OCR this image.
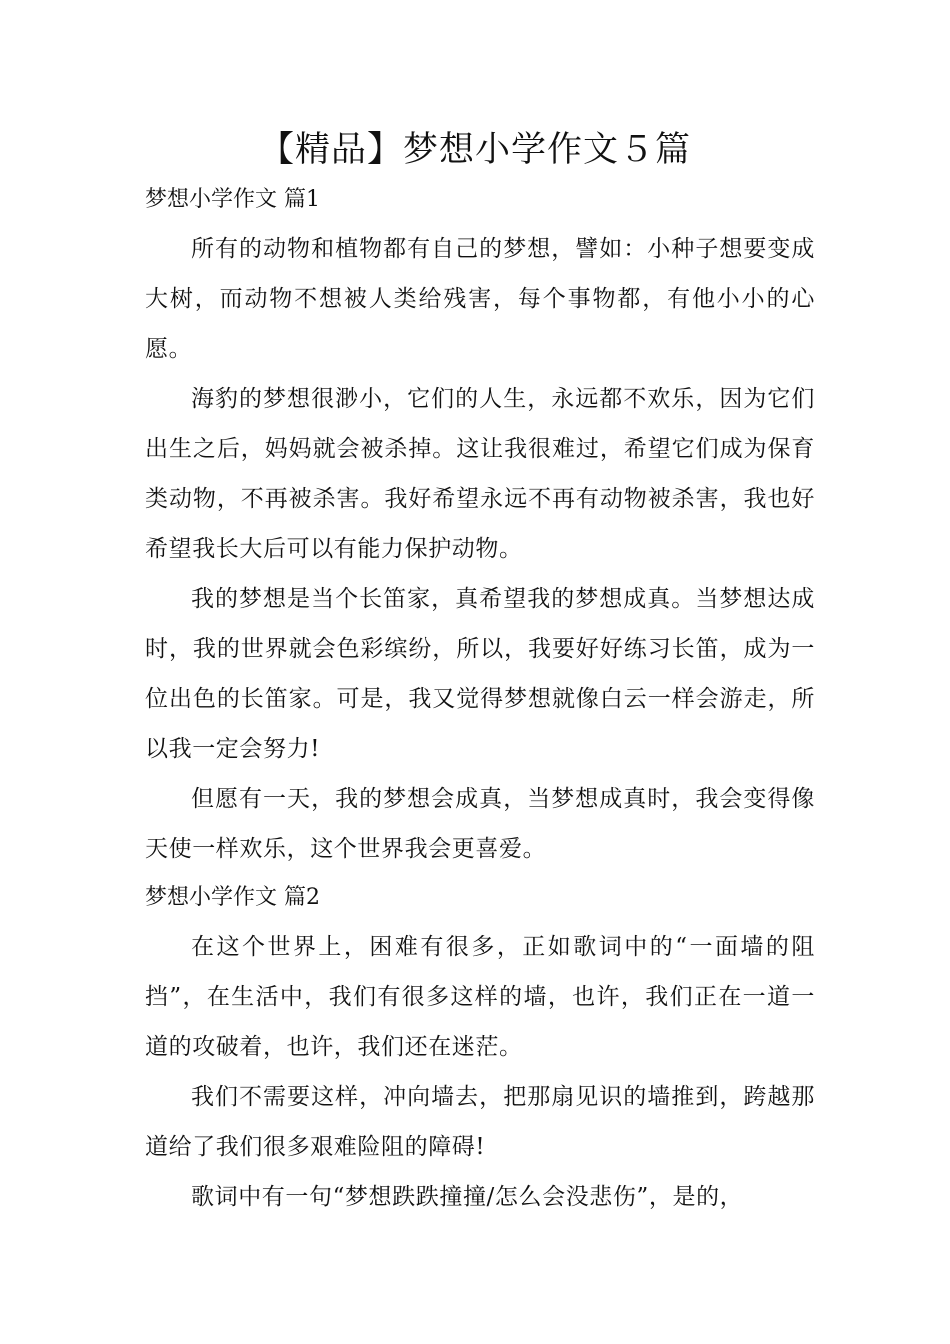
【精品】梦想小学作文５篇

梦想小学作文 篇1

所有的动物和植物都有自己的梦想，譬如：小种子想要变成大树，而动物不想被人类给残害，每个事物都，有他小小的心愿。

海豹的梦想很渺小，它们的人生，永远都不欢乐，因为它们出生之后，妈妈就会被杀掉。这让我很难过，希望它们成为保育类动物，不再被杀害。我好希望永远不再有动物被杀害，我也好希望我长大后可以有能力保护动物。

我的梦想是当个长笛家，真希望我的梦想成真。当梦想达成时，我的世界就会色彩缤纷，所以，我要好好练习长笛，成为一位出色的长笛家。可是，我又觉得梦想就像白云一样会游走，所以我一定会努力!

但愿有一天，我的梦想会成真，当梦想成真时，我会变得像天使一样欢乐，这个世界我会更喜爱。

梦想小学作文 篇2

在这个世界上，困难有很多，正如歌词中的“一面墙的阻挡”，在生活中，我们有很多这样的墙，也许，我们正在一道一道的攻破着，也许，我们还在迷茫。

我们不需要这样，冲向墙去，把那扇见识的墙推到，跨越那道给了我们很多艰难险阻的障碍!

歌词中有一句“梦想跌跌撞撞/怎么会没悲伤”，是的，
